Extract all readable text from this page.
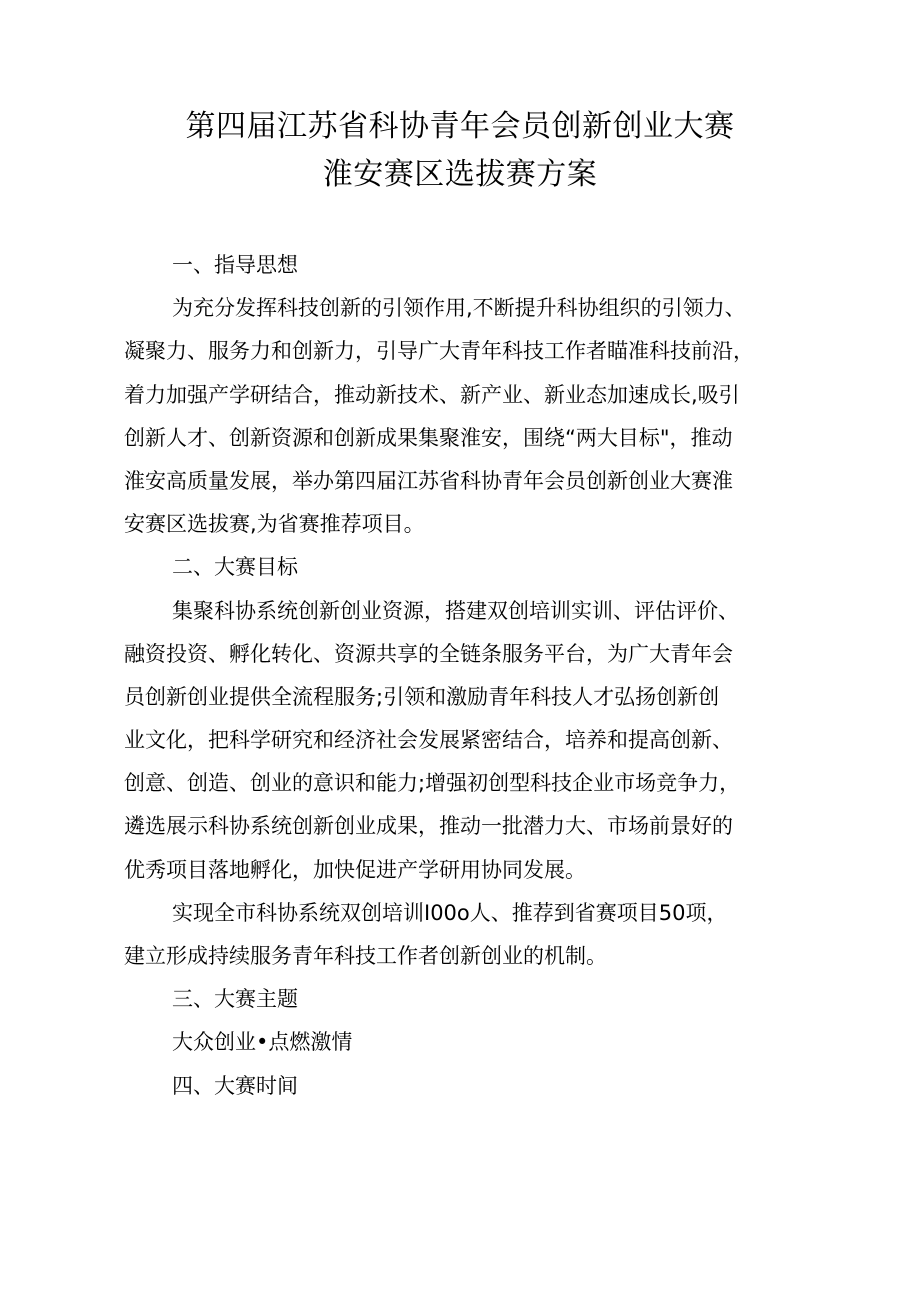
第四届江苏省科协青年会员创新创业大赛
淮安赛区选拔赛方案
一、指导思想
为充分发挥科技创新的引领作用,不断提升科协组织的引领力、
凝聚力、服务力和创新力，引导广大青年科技工作者瞄准科技前沿，
着力加强产学研结合，推动新技术、新产业、新业态加速成长,吸引
创新人才、创新资源和创新成果集聚淮安，围绕“两大目标"，推动
淮安高质量发展，举办第四届江苏省科协青年会员创新创业大赛淮
安赛区选拔赛,为省赛推荐项目。
二、大赛目标
集聚科协系统创新创业资源，搭建双创培训实训、评估评价、
融资投资、孵化转化、资源共享的全链条服务平台，为广大青年会
员创新创业提供全流程服务;引领和激励青年科技人才弘扬创新创
业文化，把科学研究和经济社会发展紧密结合，培养和提高创新、
创意、创造、创业的意识和能力;增强初创型科技企业市场竞争力，
遴选展示科协系统创新创业成果，推动一批潜力大、市场前景好的
优秀项目落地孵化，加快促进产学研用协同发展。
实现全市科协系统双创培训I00o人、推荐到省赛项目50项，
建立形成持续服务青年科技工作者创新创业的机制。
三、大赛主题
大众创业•点燃激情
四、大赛时间
